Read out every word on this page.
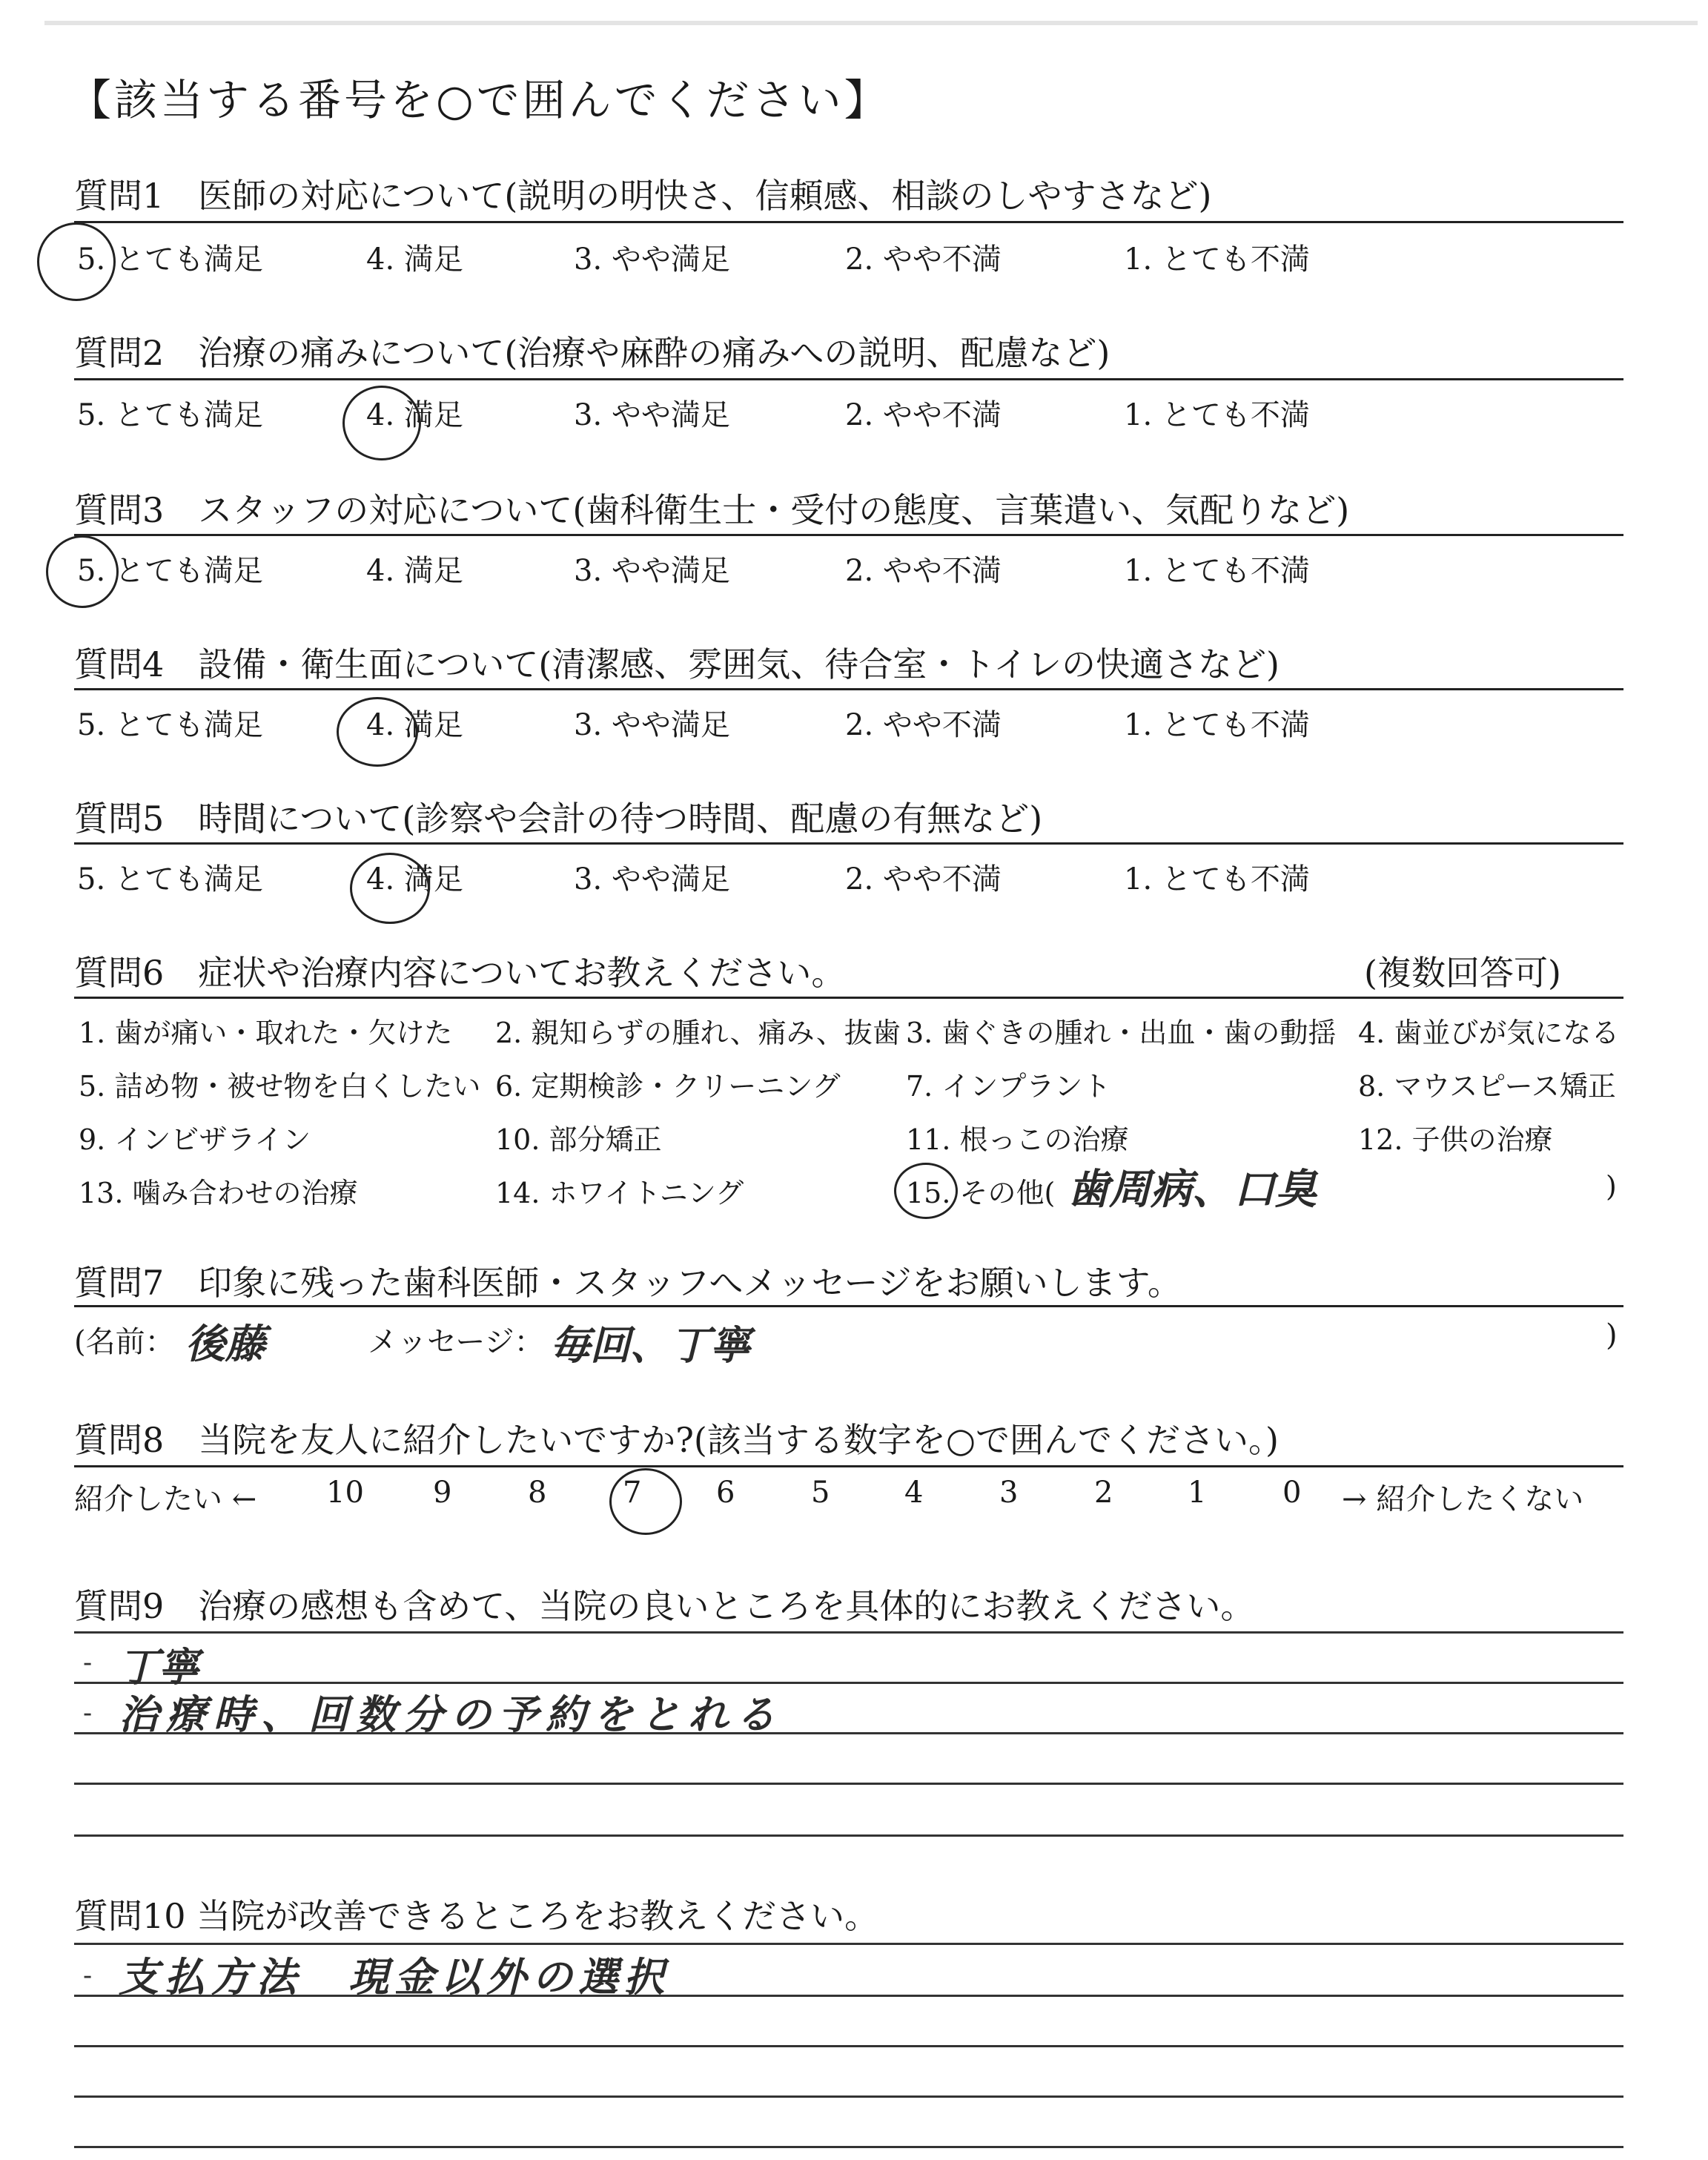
【該当する番号を○で囲んでください】
質問1　医師の対応について(説明の明快さ、信頼感、相談のしやすさなど)
5. とても満足	4. 満足	3. やや満足	2. やや不満	1. とても不満
質問2　治療の痛みについて(治療や麻酔の痛みへの説明、配慮など)
5. とても満足	4. 満足	3. やや満足	2. やや不満	1. とても不満
質問3　スタッフの対応について(歯科衛生士・受付の態度、言葉遣い、気配りなど)
5. とても満足	4. 満足	3. やや満足	2. やや不満	1. とても不満
質問4　設備・衛生面について(清潔感、雰囲気、待合室・トイレの快適さなど)
5. とても満足	4. 満足	3. やや満足	2. やや不満	1. とても不満
質問5　時間について(診察や会計の待つ時間、配慮の有無など)
5. とても満足	4. 満足	3. やや満足	2. やや不満	1. とても不満
質問6　症状や治療内容についてお教えください。	(複数回答可)
1. 歯が痛い・取れた・欠けた 2. 親知らずの腫れ、痛み、抜歯 3. 歯ぐきの腫れ・出血・歯の動揺 4. 歯並びが気になる
5. 詰め物・被せ物を白くしたい 6. 定期検診・クリーニング 7. インプラント	8. マウスピース矯正
9. インビザライン	10. 部分矯正	11. 根っこの治療	12. 子供の治療
13. 噛み合わせの治療	14. ホワイトニング	15. その他(	)
歯周病、口臭
質問7　印象に残った歯科医師・スタッフへメッセージをお願いします。
(名前： 後藤	メッセージ： 毎回、丁寧	)
質問8　当院を友人に紹介したいですか?(該当する数字を○で囲んでください。)
紹介したい ← 10 9	8	7	6	5	4	3	2	1	0 → 紹介したくない
質問9　治療の感想も含めて、当院の良いところを具体的にお教えください。
- 丁寧
- 治療時、回数分の予約をとれる
質問10 当院が改善できるところをお教えください。
- 支払方法　現金以外の選択
